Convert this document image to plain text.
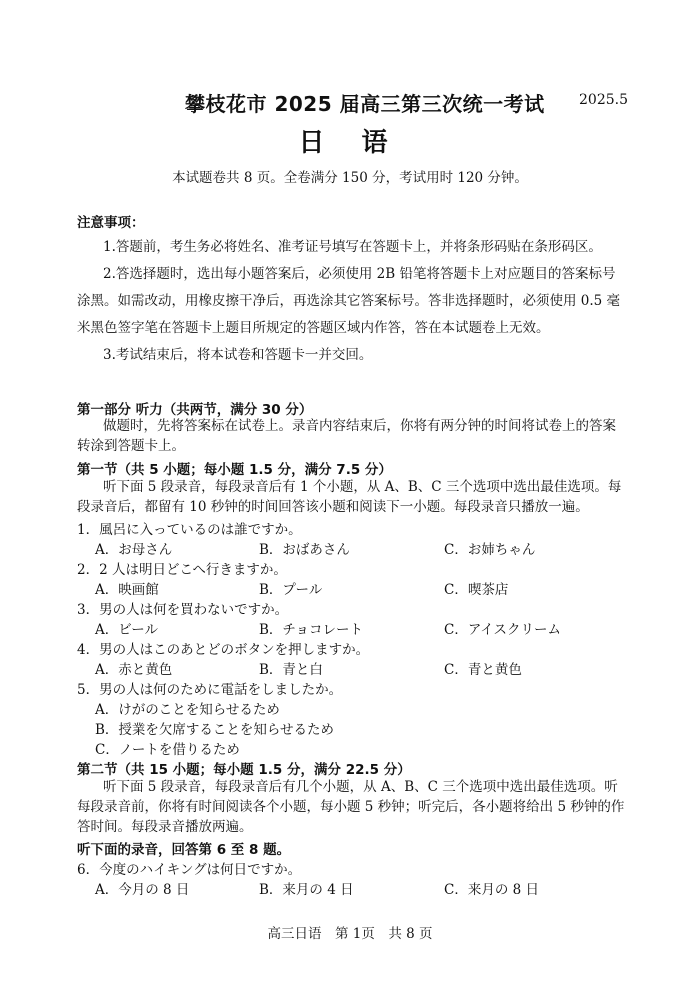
攀枝花市 2025 届高三第三次统一考试 2025.5
日 语
本试题卷共 8 页。全卷满分 150 分，考试用时 120 分钟。
注意事项：
1.答题前，考生务必将姓名、准考证号填写在答题卡上，并将条形码贴在条形码区。
2.答选择题时，选出每小题答案后，必须使用 2B 铅笔将答题卡上对应题目的答案标号涂黑。如需改动，用橡皮擦干净后，再选涂其它答案标号。答非选择题时，必须使用 0.5 毫米黑色签字笔在答题卡上题目所规定的答题区域内作答，答在本试题卷上无效。
3.考试结束后，将本试卷和答题卡一并交回。
第一部分 听力（共两节，满分 30 分）
做题时，先将答案标在试卷上。录音内容结束后，你将有两分钟的时间将试卷上的答案转涂到答题卡上。
第一节（共 5 小题；每小题 1.5 分，满分 7.5 分）
听下面 5 段录音，每段录音后有 1 个小题，从 A、B、C 三个选项中选出最佳选项。每段录音后，都留有 10 秒钟的时间回答该小题和阅读下一小题。每段录音只播放一遍。
1．風呂に入っているのは誰ですか。
A．お母さん	B．おばあさん	C．お姉ちゃん
2．2 人は明日どこへ行きますか。
A．映画館	B．プール	C．喫茶店
3．男の人は何を買わないですか。
A．ビール	B．チョコレート	C．アイスクリーム
4．男の人はこのあとどのボタンを押しますか。
A．赤と黄色	B．青と白	C．青と黄色
5．男の人は何のために電話をしましたか。
A．けがのことを知らせるため
B．授業を欠席することを知らせるため
C．ノートを借りるため
第二节（共 15 小题；每小题 1.5 分，满分 22.5 分）
听下面 5 段录音，每段录音后有几个小题，从 A、B、C 三个选项中选出最佳选项。听每段录音前，你将有时间阅读各个小题，每小题 5 秒钟；听完后，各小题将给出 5 秒钟的作答时间。每段录音播放两遍。
听下面的录音，回答第 6 至 8 题。
6．今度のハイキングは何日ですか。
A．今月の 8 日	B．来月の 4 日	C．来月の 8 日
高三日语　第 1页　共 8 页
